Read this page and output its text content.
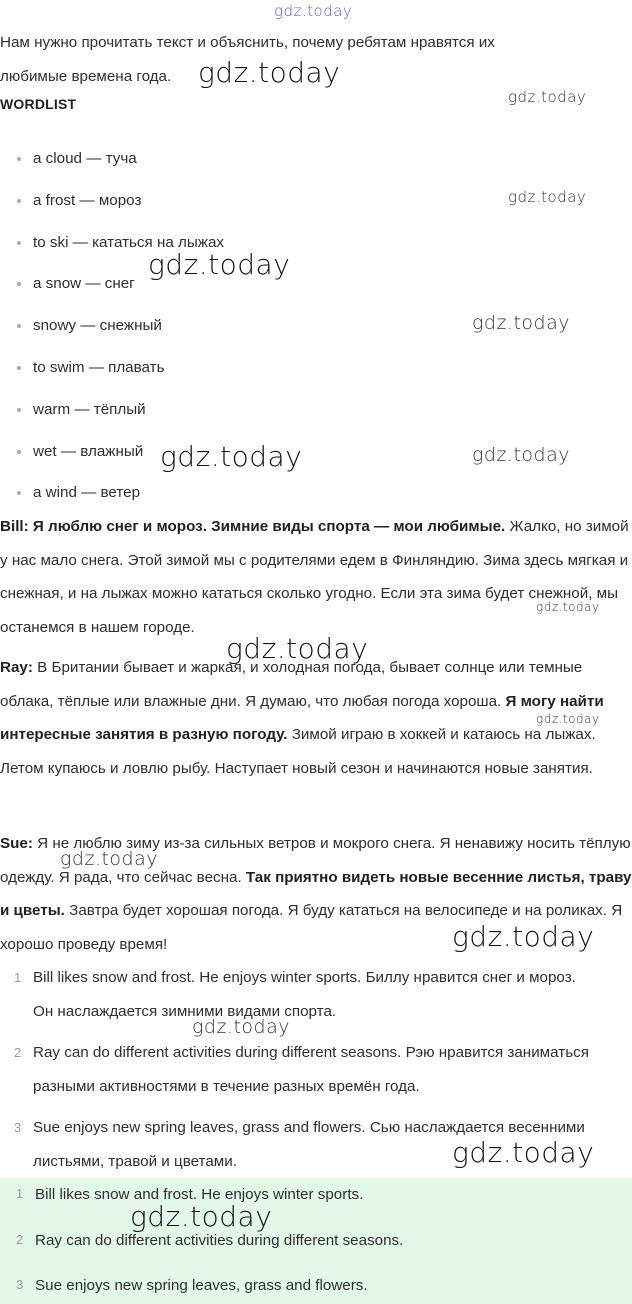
gdz.today
Нам нужно прочитать текст и объяснить, почему ребятам нравятся их любимые времена года.
WORDLIST
a cloud — туча
a frost — мороз
to ski — кататься на лыжах
a snow — снег
snowy — снежный
to swim — плавать
warm — тёплый
wet — влажный
a wind — ветер
Bill: Я люблю снег и мороз. Зимние виды спорта — мои любимые. Жалко, но зимой у нас мало снега. Этой зимой мы с родителями едем в Финляндию. Зима здесь мягкая и снежная, и на лыжах можно кататься сколько угодно. Если эта зима будет снежной, мы останемся в нашем городе.
Ray: В Британии бывает и жаркая, и холодная погода, бывает солнце или темные облака, тёплые или влажные дни. Я думаю, что любая погода хороша. Я могу найти интересные занятия в разную погоду. Зимой играю в хоккей и катаюсь на лыжах. Летом купаюсь и ловлю рыбу. Наступает новый сезон и начинаются новые занятия.
Sue: Я не люблю зиму из-за сильных ветров и мокрого снега. Я ненавижу носить тёплую одежду. Я рада, что сейчас весна. Так приятно видеть новые весенние листья, траву и цветы. Завтра будет хорошая погода. Я буду кататься на велосипеде и на роликах. Я хорошо проведу время!
1 Bill likes snow and frost. He enjoys winter sports. Биллу нравится снег и мороз. Он наслаждается зимними видами спорта.
2 Ray can do different activities during different seasons. Рэю нравится заниматься разными активностями в течение разных времён года.
3 Sue enjoys new spring leaves, grass and flowers. Сью наслаждается весенними листьями, травой и цветами.
1 Bill likes snow and frost. He enjoys winter sports.
2 Ray can do different activities during different seasons.
3 Sue enjoys new spring leaves, grass and flowers.
gdz.today
gdz.today
gdz.today
gdz.today
gdz.today
gdz.today	gdz.today
gdz.today
gdz.today
gdz.today
gdz.today
gdz.today
gdz.today
gdz.today
gdz.today
